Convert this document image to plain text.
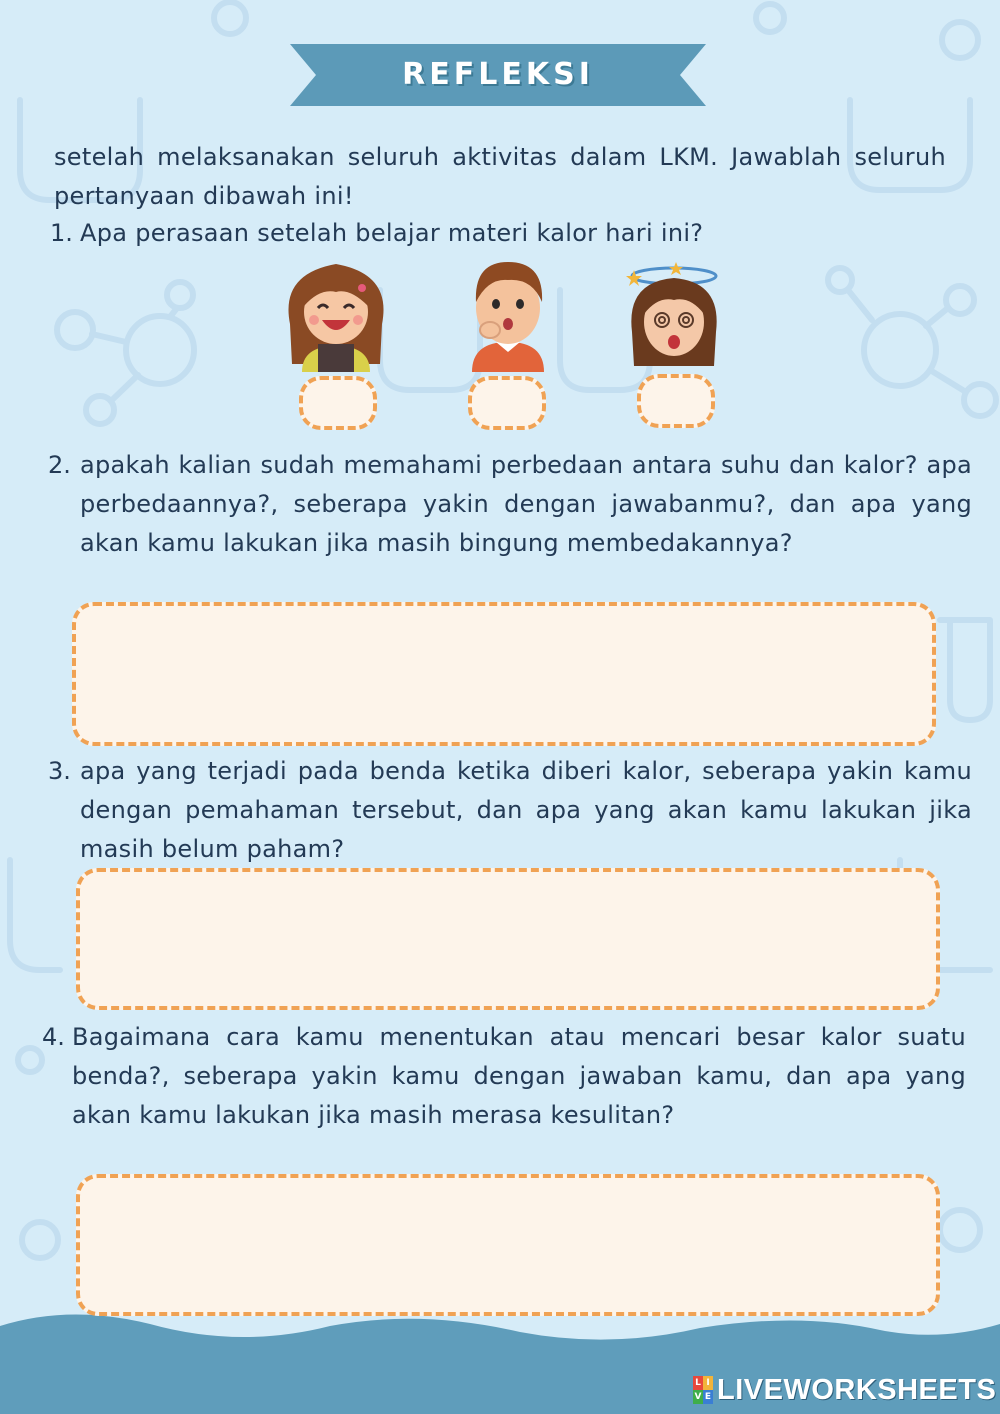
REFLEKSI
setelah melaksanakan seluruh aktivitas dalam LKM. Jawablah seluruh pertanyaan dibawah ini!
1. Apa perasaan setelah belajar materi kalor hari ini?
2. apakah kalian sudah memahami perbedaan antara suhu dan kalor? apa perbedaannya?, seberapa yakin dengan jawabanmu?, dan apa yang akan kamu lakukan jika masih bingung membedakannya?
3. apa yang terjadi pada benda ketika diberi kalor, seberapa yakin kamu dengan pemahaman tersebut, dan apa yang akan kamu lakukan jika masih belum paham?
4. Bagaimana cara kamu menentukan atau mencari besar kalor suatu benda?, seberapa yakin kamu dengan jawaban kamu, dan apa yang akan kamu lakukan jika masih merasa kesulitan?
L I
V E LIVEWORKSHEETS
